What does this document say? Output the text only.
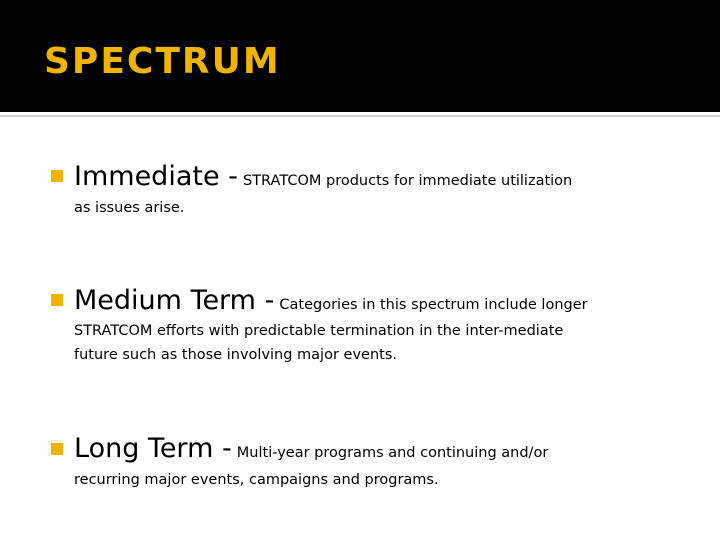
SPECTRUM
Immediate - STRATCOM products for immediate utilization
as issues arise.
Medium Term - Categories in this spectrum include longer
STRATCOM efforts with predictable termination in the inter-mediate
future such as those involving major events.
Long Term - Multi-year programs and continuing and/or
recurring major events, campaigns and programs.
